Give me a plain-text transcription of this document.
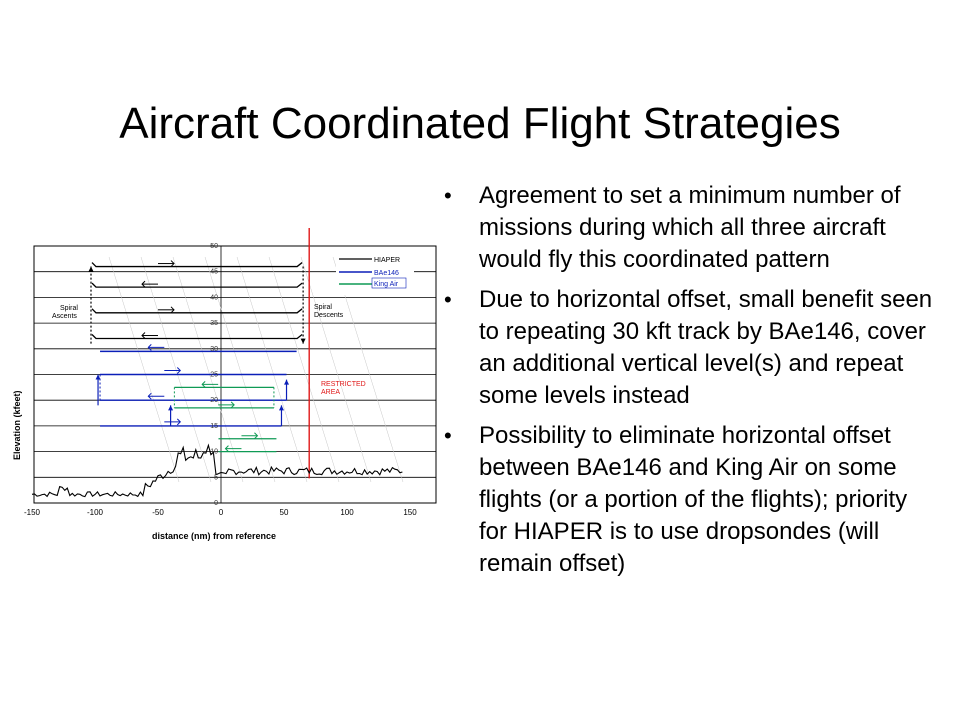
Aircraft Coordinated Flight Strategies
0
5
10
15
20
25
30
35
40
45
50
-150	-100	-50	0	50	100	150
Elevation (kfeet)
distance (nm) from reference
Spiral
Ascents
Spiral
Descents
RESTRICTED
AREA
HIAPER
BAe146
King Air
• Agreement to set a minimum number of missions during which all three aircraft would fly this coordinated pattern
• Due to horizontal offset, small benefit seen to repeating 30 kft track by BAe146, cover an additional vertical level(s) and repeat some levels instead
• Possibility to eliminate horizontal offset between BAe146 and King Air on some flights (or a portion of the flights); priority for HIAPER is to use dropsondes (will remain offset)
